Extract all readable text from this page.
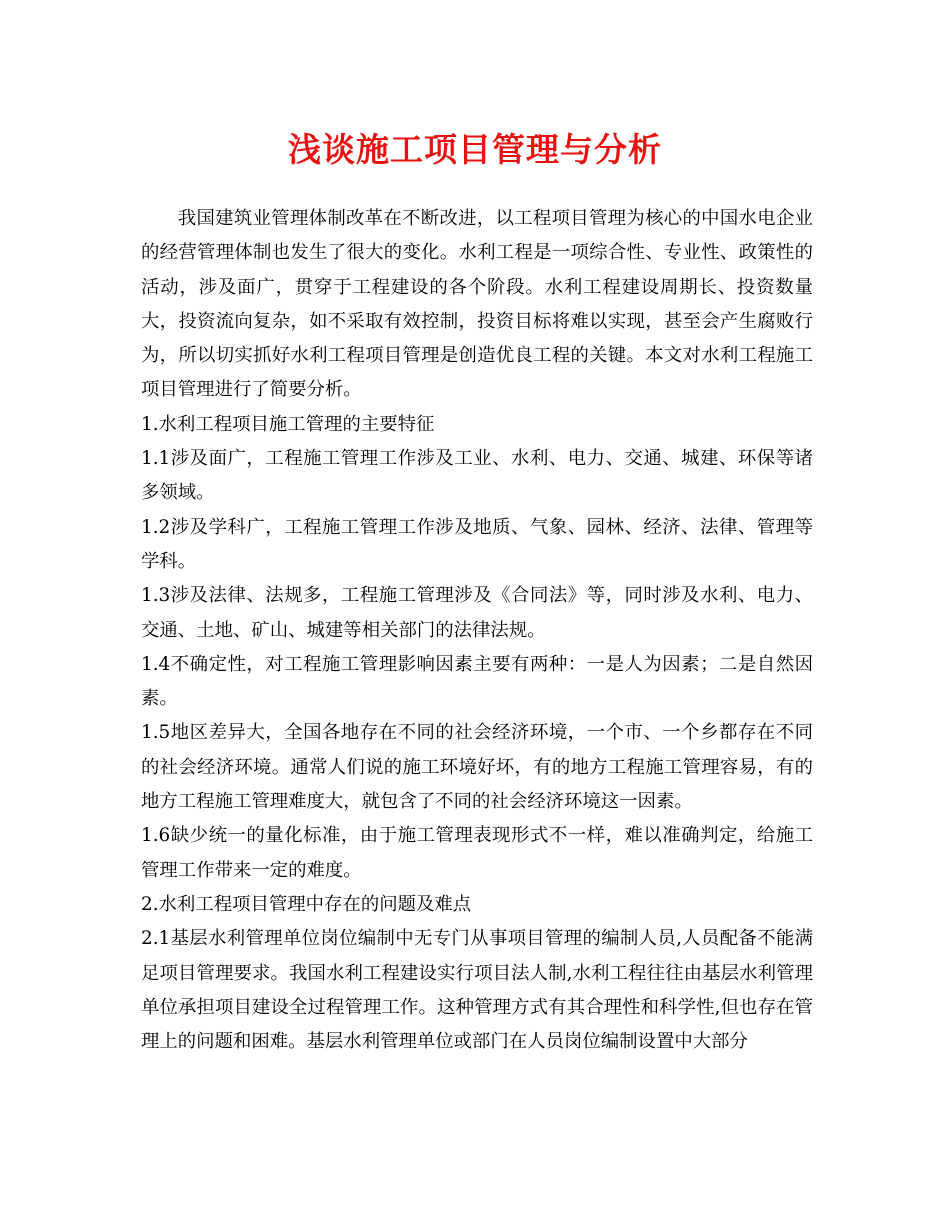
浅谈施工项目管理与分析

我国建筑业管理体制改革在不断改进，以工程项目管理为核心的中国水电企业的经营管理体制也发生了很大的变化。水利工程是一项综合性、专业性、政策性的活动，涉及面广，贯穿于工程建设的各个阶段。水利工程建设周期长、投资数量大，投资流向复杂，如不采取有效控制，投资目标将难以实现，甚至会产生腐败行为，所以切实抓好水利工程项目管理是创造优良工程的关键。本文对水利工程施工项目管理进行了简要分析。

1.水利工程项目施工管理的主要特征

1.1涉及面广，工程施工管理工作涉及工业、水利、电力、交通、城建、环保等诸多领域。

1.2涉及学科广，工程施工管理工作涉及地质、气象、园林、经济、法律、管理等学科。

1.3涉及法律、法规多，工程施工管理涉及《合同法》等，同时涉及水利、电力、交通、土地、矿山、城建等相关部门的法律法规。

1.4不确定性，对工程施工管理影响因素主要有两种：一是人为因素；二是自然因素。

1.5地区差异大，全国各地存在不同的社会经济环境，一个市、一个乡都存在不同的社会经济环境。通常人们说的施工环境好坏，有的地方工程施工管理容易，有的地方工程施工管理难度大，就包含了不同的社会经济环境这一因素。

1.6缺少统一的量化标准，由于施工管理表现形式不一样，难以准确判定，给施工管理工作带来一定的难度。

2.水利工程项目管理中存在的问题及难点

2.1基层水利管理单位岗位编制中无专门从事项目管理的编制人员,人员配备不能满足项目管理要求。我国水利工程建设实行项目法人制,水利工程往往由基层水利管理单位承担项目建设全过程管理工作。这种管理方式有其合理性和科学性,但也存在管理上的问题和困难。基层水利管理单位或部门在人员岗位编制设置中大部分
